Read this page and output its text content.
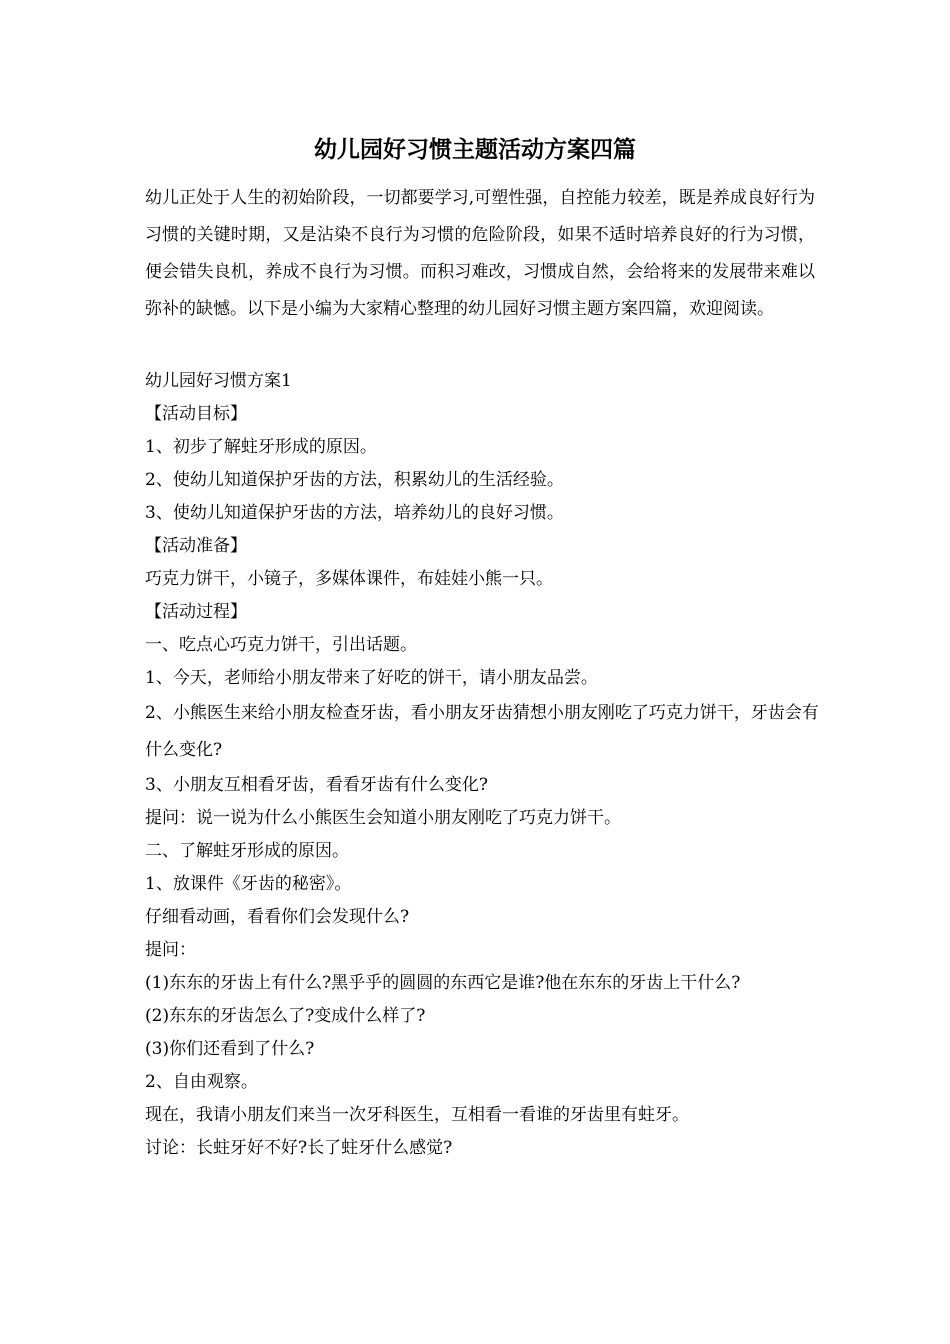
幼儿园好习惯主题活动方案四篇
幼儿正处于人生的初始阶段，一切都要学习,可塑性强，自控能力较差，既是养成良好行为习惯的关键时期，又是沾染不良行为习惯的危险阶段，如果不适时培养良好的行为习惯，便会错失良机，养成不良行为习惯。而积习难改，习惯成自然，会给将来的发展带来难以弥补的缺憾。以下是小编为大家精心整理的幼儿园好习惯主题方案四篇，欢迎阅读。
幼儿园好习惯方案1
【活动目标】
1、初步了解蛀牙形成的原因。
2、使幼儿知道保护牙齿的方法，积累幼儿的生活经验。
3、使幼儿知道保护牙齿的方法，培养幼儿的良好习惯。
【活动准备】
巧克力饼干，小镜子，多媒体课件，布娃娃小熊一只。
【活动过程】
一、吃点心巧克力饼干，引出话题。
1、今天，老师给小朋友带来了好吃的饼干，请小朋友品尝。
2、小熊医生来给小朋友检查牙齿，看小朋友牙齿猜想小朋友刚吃了巧克力饼干，牙齿会有什么变化?
3、小朋友互相看牙齿，看看牙齿有什么变化?
提问：说一说为什么小熊医生会知道小朋友刚吃了巧克力饼干。
二、了解蛀牙形成的原因。
1、放课件《牙齿的秘密》。
仔细看动画，看看你们会发现什么?
提问：
(1)东东的牙齿上有什么?黑乎乎的圆圆的东西它是谁?他在东东的牙齿上干什么?
(2)东东的牙齿怎么了?变成什么样了?
(3)你们还看到了什么?
2、自由观察。
现在，我请小朋友们来当一次牙科医生，互相看一看谁的牙齿里有蛀牙。
讨论：长蛀牙好不好?长了蛀牙什么感觉?
